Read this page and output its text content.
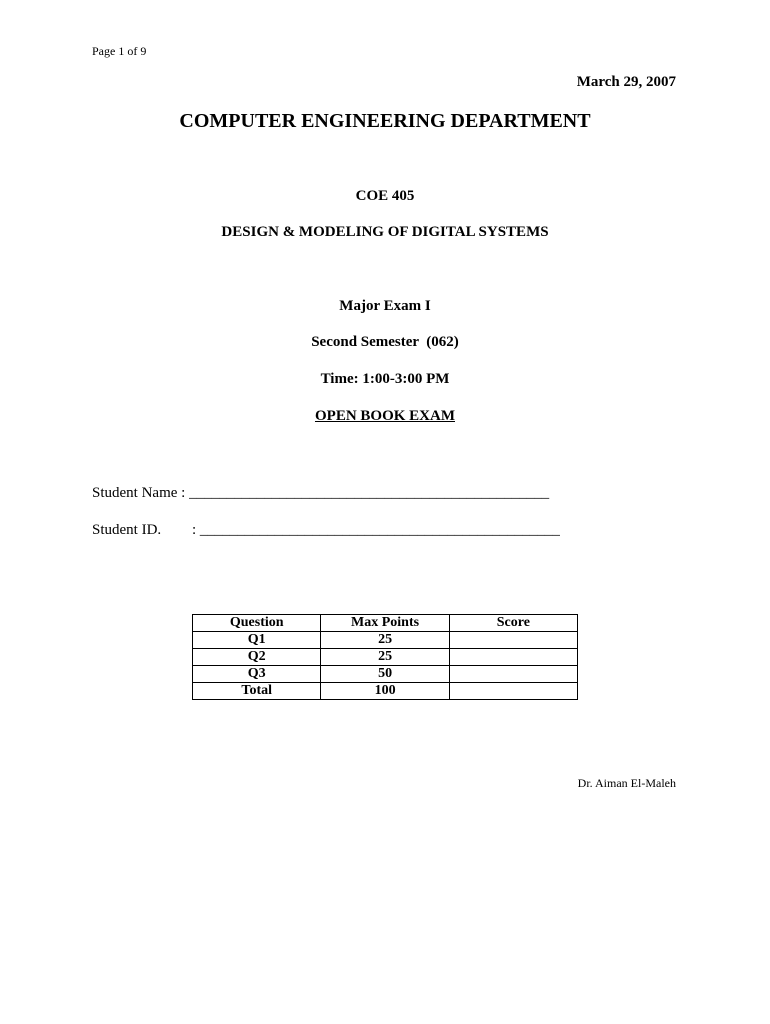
Page 1 of 9
March 29, 2007
COMPUTER ENGINEERING DEPARTMENT
COE 405
DESIGN & MODELING OF DIGITAL SYSTEMS
Major Exam I
Second Semester  (062)
Time: 1:00-3:00 PM
OPEN BOOK EXAM
Student Name : ________________________________________________
Student ID. : ________________________________________________
Question	Max Points	Score
Q1	25	
Q2	25	
Q3	50	
Total	100	
Dr. Aiman El-Maleh
